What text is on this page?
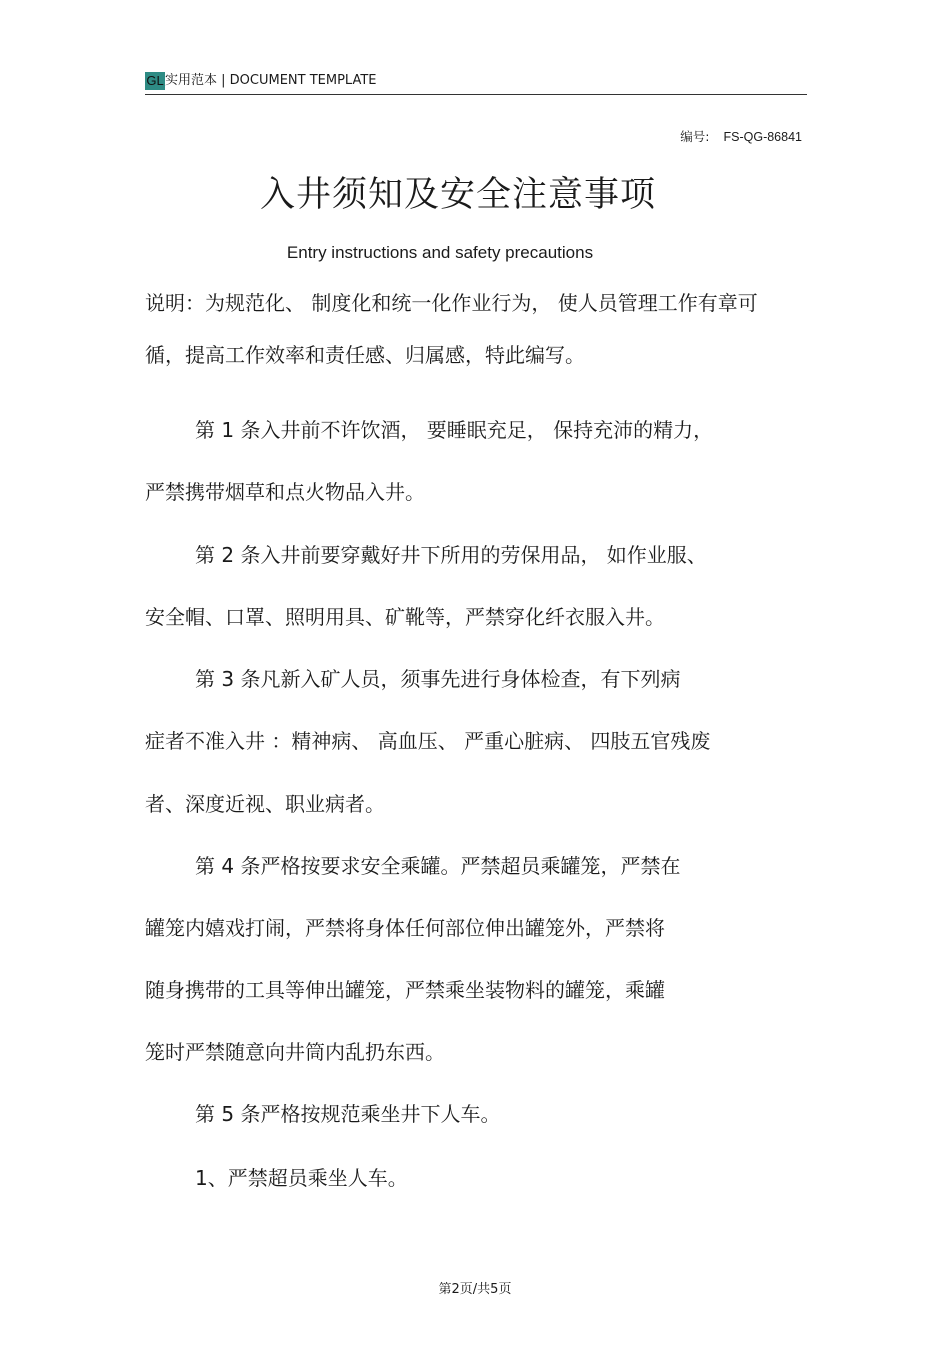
GL 实用范本 | DOCUMENT TEMPLATE
编号: FS-QG-86841
入井须知及安全注意事项
Entry instructions and safety precautions
说明：为规范化、 制度化和统一化作业行为， 使人员管理工作有章可
循，提高工作效率和责任感、归属感，特此编写。
第 1 条入井前不许饮酒， 要睡眠充足， 保持充沛的精力，
严禁携带烟草和点火物品入井。
第 2 条入井前要穿戴好井下所用的劳保用品， 如作业服、
安全帽、口罩、照明用具、矿靴等，严禁穿化纤衣服入井。
第 3 条凡新入矿人员，须事先进行身体检查，有下列病
症者不准入井 ：精神病、 高血压、 严重心脏病、 四肢五官残废
者、深度近视、职业病者。
第 4 条严格按要求安全乘罐。严禁超员乘罐笼，严禁在
罐笼内嬉戏打闹，严禁将身体任何部位伸出罐笼外，严禁将
随身携带的工具等伸出罐笼，严禁乘坐装物料的罐笼，乘罐
笼时严禁随意向井筒内乱扔东西。
第 5 条严格按规范乘坐井下人车。
1、严禁超员乘坐人车。
第2页/共5页
